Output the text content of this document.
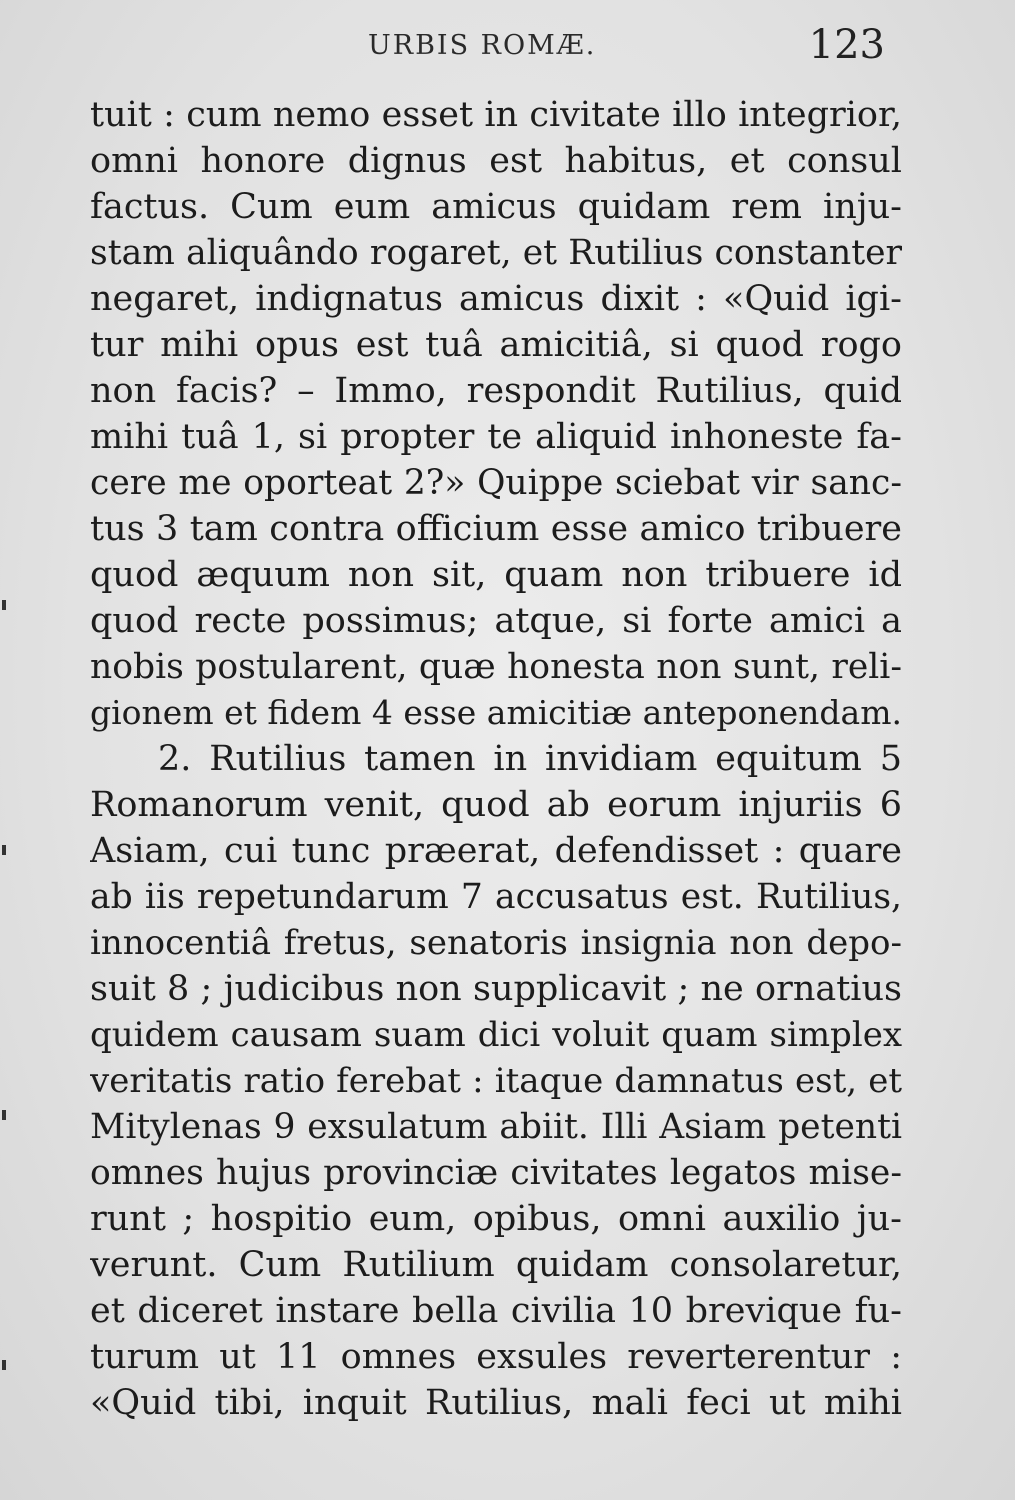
URBIS ROMÆ.	123
tuit : cum nemo esset in civitate illo integrior,
omni honore dignus est habitus, et consul
factus. Cum eum amicus quidam rem inju-
stam aliquândo rogaret, et Rutilius constanter
negaret, indignatus amicus dixit : «Quid igi-
tur mihi opus est tuâ amicitiâ, si quod rogo
non facis? – Immo, respondit Rutilius, quid
mihi tuâ 1, si propter te aliquid inhoneste fa-
cere me oporteat 2?» Quippe sciebat vir sanc-
tus 3 tam contra officium esse amico tribuere
quod æquum non sit, quam non tribuere id
quod recte possimus; atque, si forte amici a
nobis postularent, quæ honesta non sunt, reli-
gionem et fidem 4 esse amicitiæ anteponendam.
2. Rutilius tamen in invidiam equitum 5
Romanorum venit, quod ab eorum injuriis 6
Asiam, cui tunc præerat, defendisset : quare
ab iis repetundarum 7 accusatus est. Rutilius,
innocentiâ fretus, senatoris insignia non depo-
suit 8 ; judicibus non supplicavit ; ne ornatius
quidem causam suam dici voluit quam simplex
veritatis ratio ferebat : itaque damnatus est, et
Mitylenas 9 exsulatum abiit. Illi Asiam petenti
omnes hujus provinciæ civitates legatos mise-
runt ; hospitio eum, opibus, omni auxilio ju-
verunt. Cum Rutilium quidam consolaretur,
et diceret instare bella civilia 10 brevique fu-
turum ut 11 omnes exsules reverterentur :
«Quid tibi, inquit Rutilius, mali feci ut mihi
